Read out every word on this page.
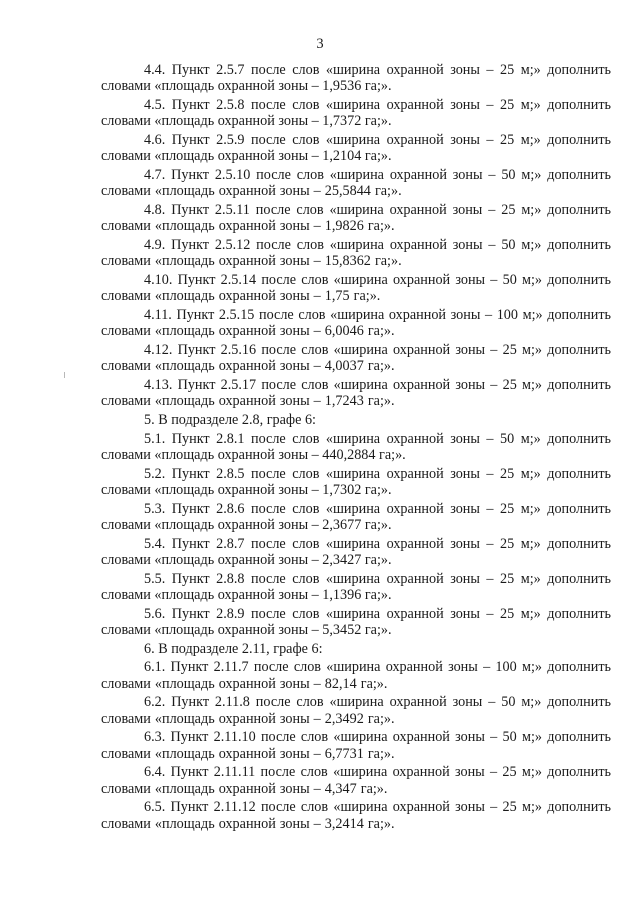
3

4.4. Пункт 2.5.7 после слов «ширина охранной зоны – 25 м;» дополнить словами «площадь охранной зоны – 1,9536 га;».

4.5. Пункт 2.5.8 после слов «ширина охранной зоны – 25 м;» дополнить словами «площадь охранной зоны – 1,7372 га;».

4.6. Пункт 2.5.9 после слов «ширина охранной зоны – 25 м;» дополнить словами «площадь охранной зоны – 1,2104 га;».

4.7. Пункт 2.5.10 после слов «ширина охранной зоны – 50 м;» дополнить словами «площадь охранной зоны – 25,5844 га;».

4.8. Пункт 2.5.11 после слов «ширина охранной зоны – 25 м;» дополнить словами «площадь охранной зоны – 1,9826 га;».

4.9. Пункт 2.5.12 после слов «ширина охранной зоны – 50 м;» дополнить словами «площадь охранной зоны – 15,8362 га;».

4.10. Пункт 2.5.14 после слов «ширина охранной зоны – 50 м;» дополнить словами «площадь охранной зоны – 1,75 га;».

4.11. Пункт 2.5.15 после слов «ширина охранной зоны – 100 м;» дополнить словами «площадь охранной зоны – 6,0046 га;».

4.12. Пункт 2.5.16 после слов «ширина охранной зоны – 25 м;» дополнить словами «площадь охранной зоны – 4,0037 га;».

4.13. Пункт 2.5.17 после слов «ширина охранной зоны – 25 м;» дополнить словами «площадь охранной зоны – 1,7243 га;».

5. В подразделе 2.8, графе 6:

5.1. Пункт 2.8.1 после слов «ширина охранной зоны – 50 м;» дополнить словами «площадь охранной зоны – 440,2884 га;».

5.2. Пункт 2.8.5 после слов «ширина охранной зоны – 25 м;» дополнить словами «площадь охранной зоны – 1,7302 га;».

5.3. Пункт 2.8.6 после слов «ширина охранной зоны – 25 м;» дополнить словами «площадь охранной зоны – 2,3677 га;».

5.4. Пункт 2.8.7 после слов «ширина охранной зоны – 25 м;» дополнить словами «площадь охранной зоны – 2,3427 га;».

5.5. Пункт 2.8.8 после слов «ширина охранной зоны – 25 м;» дополнить словами «площадь охранной зоны – 1,1396 га;».

5.6. Пункт 2.8.9 после слов «ширина охранной зоны – 25 м;» дополнить словами «площадь охранной зоны – 5,3452 га;».

6. В подразделе 2.11, графе 6:

6.1. Пункт 2.11.7 после слов «ширина охранной зоны – 100 м;» дополнить словами «площадь охранной зоны – 82,14 га;».

6.2. Пункт 2.11.8 после слов «ширина охранной зоны – 50 м;» дополнить словами «площадь охранной зоны – 2,3492 га;».

6.3. Пункт 2.11.10 после слов «ширина охранной зоны – 50 м;» дополнить словами «площадь охранной зоны – 6,7731 га;».

6.4. Пункт 2.11.11 после слов «ширина охранной зоны – 25 м;» дополнить словами «площадь охранной зоны – 4,347 га;».

6.5. Пункт 2.11.12 после слов «ширина охранной зоны – 25 м;» дополнить словами «площадь охранной зоны – 3,2414 га;».
